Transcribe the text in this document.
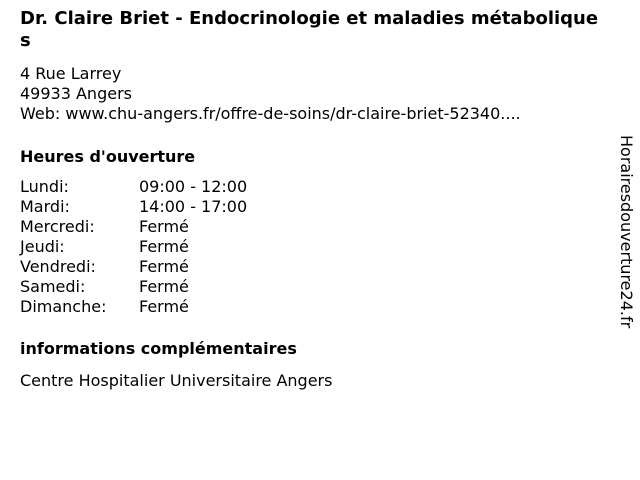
Dr. Claire Briet - Endocrinologie et maladies métaboliques
4 Rue Larrey
49933 Angers
Web: www.chu-angers.fr/offre-de-soins/dr-claire-briet-52340....
Heures d'ouverture
Lundi:	09:00 - 12:00
Mardi:	14:00 - 17:00
Mercredi:	Fermé
Jeudi:	Fermé
Vendredi:	Fermé
Samedi:	Fermé
Dimanche:	Fermé
informations complémentaires
Centre Hospitalier Universitaire Angers
Horairesdouverture24.fr
